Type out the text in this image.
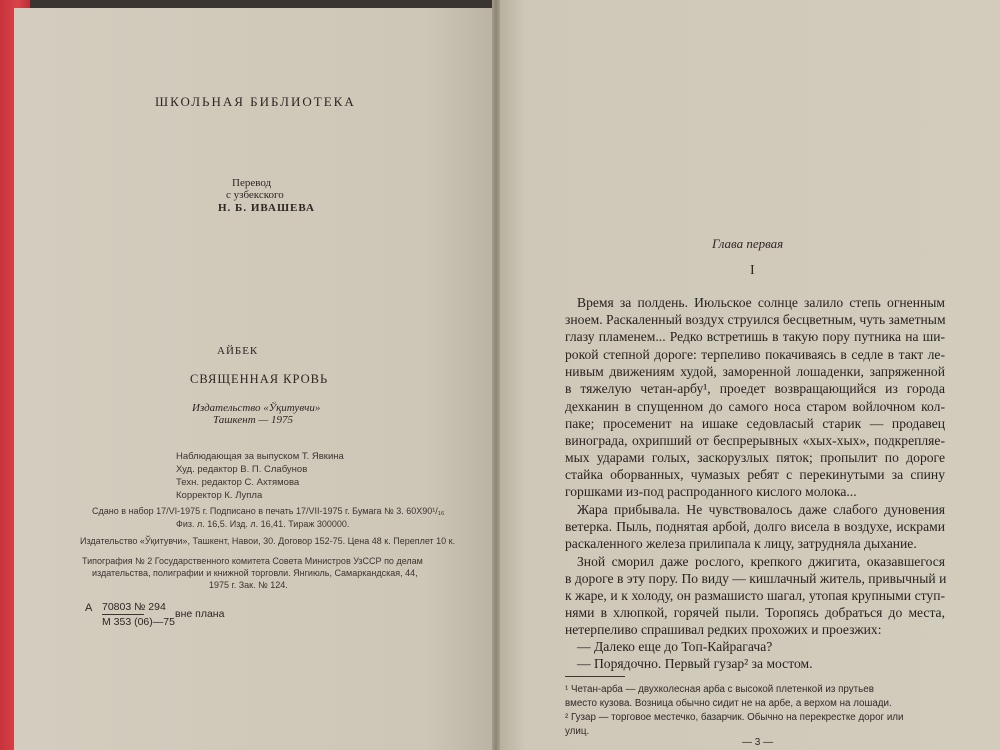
ШКОЛЬНАЯ БИБЛИОТЕКА
Перевод
с узбекского
Н. Б. ИВАШЕВА
АЙБЕК
СВЯЩЕННАЯ КРОВЬ
Издательство «Ўқитувчи»
Ташкент — 1975
Наблюдающая за выпуском Т. Явкина
Худ. редактор В. П. Слабунов
Техн. редактор С. Ахтямова
Корректор К. Лупла
Сдано в набор 17/VI-1975 г. Подписано в печать 17/VII-1975 г. Бумага № 3. 60Х90¹/₁₆
Физ. л. 16,5. Изд. л. 16,41. Тираж 300000.
Издательство «Ўқитувчи», Ташкент, Навои, 30. Договор 152-75. Цена 48 к. Переплет 10 к.
Типография № 2 Государственного комитета Совета Министров УзССР по делам
издательства, полиграфии и книжной торговли. Янгиюль, Самаркандская, 44,
1975 г. Зак. № 124.
А 70803 № 294
М 353 (06)—75
вне плана
Глава первая
I
Время за полдень. Июльское солнце залило степь огненным
зноем. Раскаленный воздух струился бесцветным, чуть заметным
глазу пламенем... Редко встретишь в такую пору путника на ши-
рокой степной дороге: терпеливо покачиваясь в седле в такт ле-
нивым движениям худой, заморенной лошаденки, запряженной
в тяжелую четан-арбу¹, проедет возвращающийся из города
дехканин в спущенном до самого носа старом войлочном кол-
паке; просеменит на ишаке седовласый старик — продавец
винограда, охрипший от беспрерывных «хых-хых», подкрепляе-
мых ударами голых, заскорузлых пяток; пропылит по дороге
стайка оборванных, чумазых ребят с перекинутыми за спину
горшками из-под распроданного кислого молока...
Жара прибывала. Не чувствовалось даже слабого дуновения
ветерка. Пыль, поднятая арбой, долго висела в воздухе, искрами
раскаленного железа прилипала к лицу, затрудняла дыхание.
Зной сморил даже рослого, крепкого джигита, оказавшегося
в дороге в эту пору. По виду — кишлачный житель, привычный и
к жаре, и к холоду, он размашисто шагал, утопая крупными ступ-
нями в хлюпкой, горячей пыли. Торопясь добраться до места,
нетерпеливо спрашивал редких прохожих и проезжих:
— Далеко еще до Топ-Кайрагача?
— Порядочно. Первый гузар² за мостом.
¹ Четан-арба — двухколесная арба с высокой плетенкой из прутьев
вместо кузова. Возница обычно сидит не на арбе, а верхом на лошади.
² Гузар — торговое местечко, базарчик. Обычно на перекрестке дорог или
улиц.
— 3 —
